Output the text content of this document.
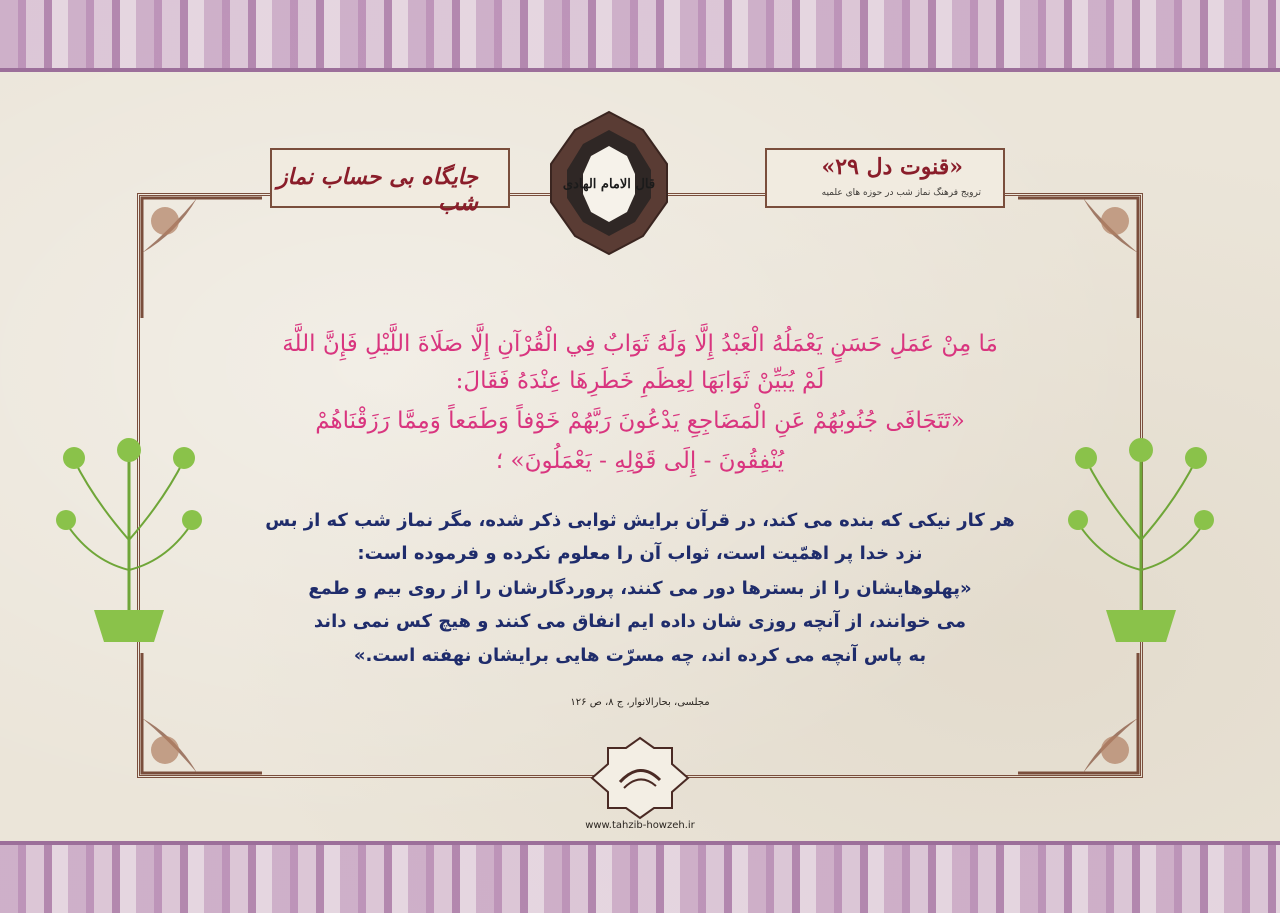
«قنوت دل ۲۹»
ترویج فرهنگ نماز شب در حوزه های علمیه
جایگاه بی حساب نماز شب
قال الامام الهادی
مَا مِنْ عَمَلِ حَسَنٍ يَعْمَلُهُ الْعَبْدُ إِلَّا وَلَهُ ثَوَابٌ فِي الْقُرْآنِ إِلَّا صَلَاةَ اللَّيْلِ فَإِنَّ اللَّهَ
لَمْ يُبَيِّنْ ثَوَابَهَا لِعِظَمِ خَطَرِهَا عِنْدَهُ فَقَالَ:
«تَتَجَافَى جُنُوبُهُمْ عَنِ الْمَضَاجِعِ يَدْعُونَ رَبَّهُمْ خَوْفاً وَطَمَعاً وَمِمَّا رَزَقْنَاهُمْ
يُنْفِقُونَ - إِلَى قَوْلِهِ - يَعْمَلُونَ» ؛
هر کار نیکی که بنده می کند، در قرآن برایش ثوابی ذکر شده، مگر نماز شب که از بس
نزد خدا پر اهمّیت است، ثواب آن را معلوم نکرده و فرموده است:
«پهلوهایشان را از بسترها دور می کنند، پروردگارشان را از روی بیم و طمع
می خوانند، از آنچه روزی شان داده ایم انفاق می کنند و هیچ کس نمی داند
به پاس آنچه می کرده اند، چه مسرّت هایی برایشان نهفته است.»
مجلسی، بحارالانوار، ج ۸، ص ۱۲۶
www.tahzib-howzeh.ir
